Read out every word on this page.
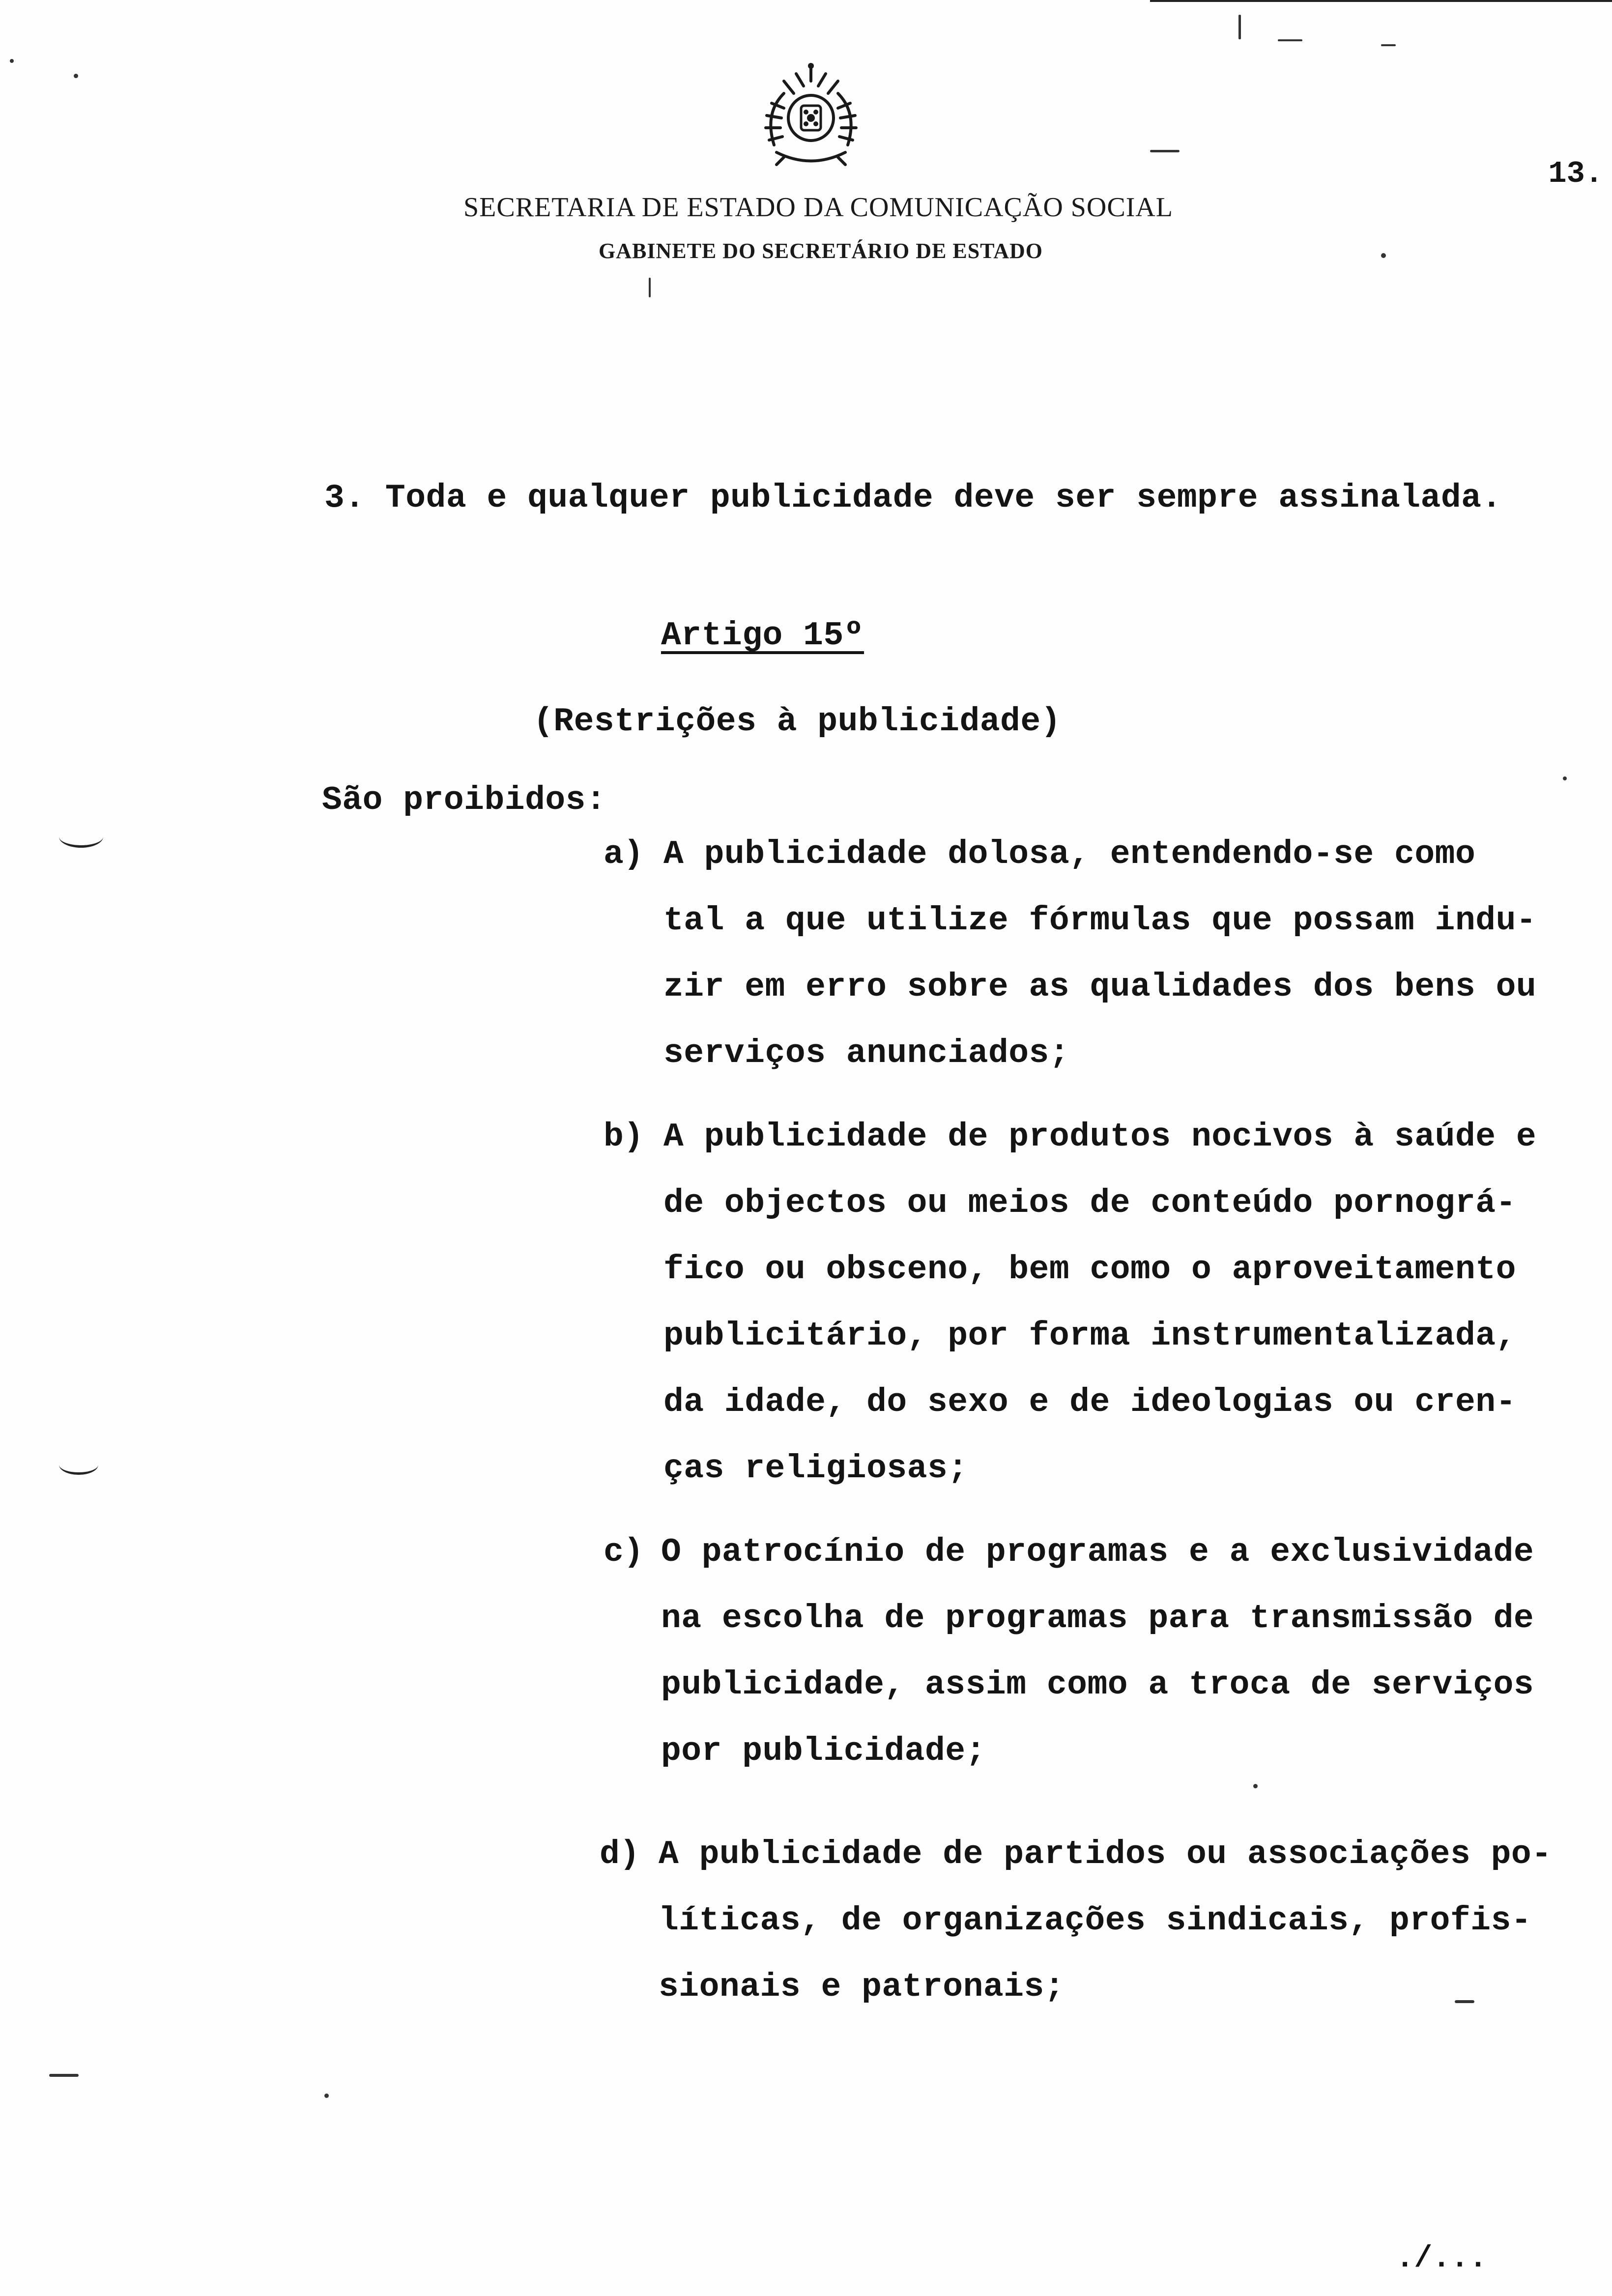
SECRETARIA DE ESTADO DA COMUNICAÇÃO SOCIAL
GABINETE DO SECRETÁRIO DE ESTADO
13.
3. Toda e qualquer publicidade deve ser sempre assinalada.
Artigo 15º
(Restrições à publicidade)
São proibidos:
a) A publicidade dolosa, entendendo-se como
tal a que utilize fórmulas que possam indu-
zir em erro sobre as qualidades dos bens ou
serviços anunciados;
b) A publicidade de produtos nocivos à saúde e
de objectos ou meios de conteúdo pornográ-
fico ou obsceno, bem como o aproveitamento
publicitário, por forma instrumentalizada,
da idade, do sexo e de ideologias ou cren-
ças religiosas;
c) O patrocínio de programas e a exclusividade
na escolha de programas para transmissão de
publicidade, assim como a troca de serviços
por publicidade;
d) A publicidade de partidos ou associações po-
líticas, de organizações sindicais, profis-
sionais e patronais;
./...
